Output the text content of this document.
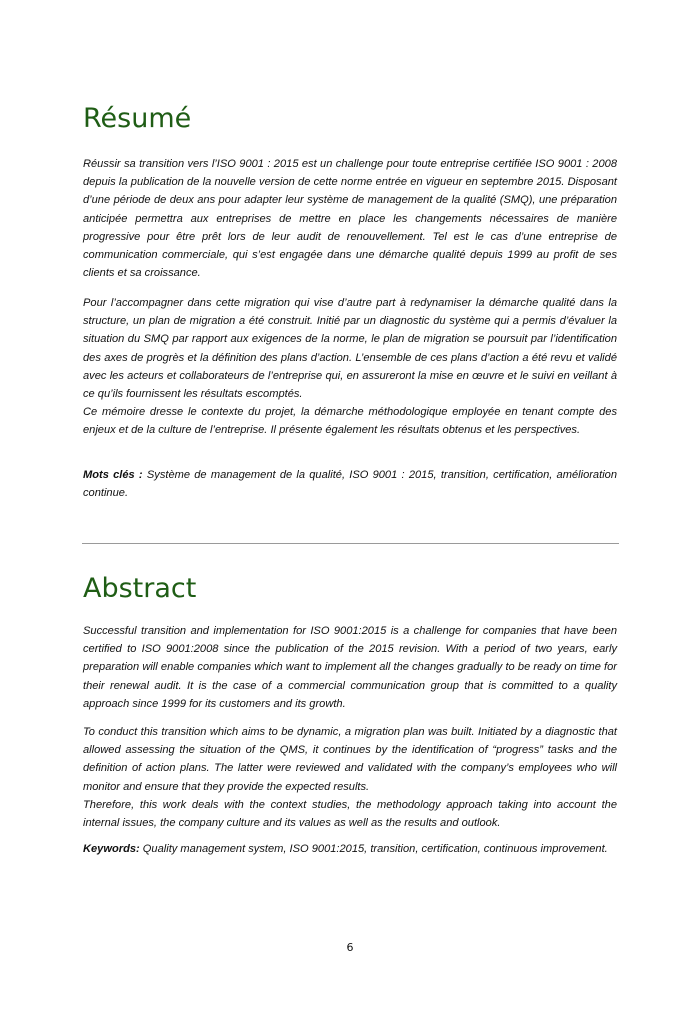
Résumé

Réussir sa transition vers l’ISO 9001 : 2015 est un challenge pour toute entreprise certifiée ISO 9001 : 2008 depuis la publication de la nouvelle version de cette norme entrée en vigueur en septembre 2015. Disposant d’une période de deux ans pour adapter leur système de management de la qualité (SMQ), une préparation anticipée permettra aux entreprises de mettre en place les changements nécessaires de manière progressive pour être prêt lors de leur audit de renouvellement. Tel est le cas d’une entreprise de communication commerciale, qui s’est engagée dans une démarche qualité depuis 1999 au profit de ses clients et sa croissance.

Pour l’accompagner dans cette migration qui vise d’autre part à redynamiser la démarche qualité dans la structure, un plan de migration a été construit. Initié par un diagnostic du système qui a permis d’évaluer la situation du SMQ par rapport aux exigences de la norme, le plan de migration se poursuit par l’identification des axes de progrès et la définition des plans d’action. L’ensemble de ces plans d’action a été revu et validé avec les acteurs et collaborateurs de l’entreprise qui, en assureront la mise en œuvre et le suivi en veillant à ce qu’ils fournissent les résultats escomptés.
Ce mémoire dresse le contexte du projet, la démarche méthodologique employée en tenant compte des enjeux et de la culture de l’entreprise. Il présente également les résultats obtenus et les perspectives.

Mots clés : Système de management de la qualité, ISO 9001 : 2015, transition, certification, amélioration continue.

Abstract

Successful transition and implementation for ISO 9001:2015 is a challenge for companies that have been certified to ISO 9001:2008 since the publication of the 2015 revision. With a period of two years, early preparation will enable companies which want to implement all the changes gradually to be ready on time for their renewal audit. It is the case of a commercial communication group that is committed to a quality approach since 1999 for its customers and its growth.

To conduct this transition which aims to be dynamic, a migration plan was built. Initiated by a diagnostic that allowed assessing the situation of the QMS, it continues by the identification of “progress” tasks and the definition of action plans. The latter were reviewed and validated with the company’s employees who will monitor and ensure that they provide the expected results.
Therefore, this work deals with the context studies, the methodology approach taking into account the internal issues, the company culture and its values as well as the results and outlook.

Keywords: Quality management system, ISO 9001:2015, transition, certification, continuous improvement.

6
